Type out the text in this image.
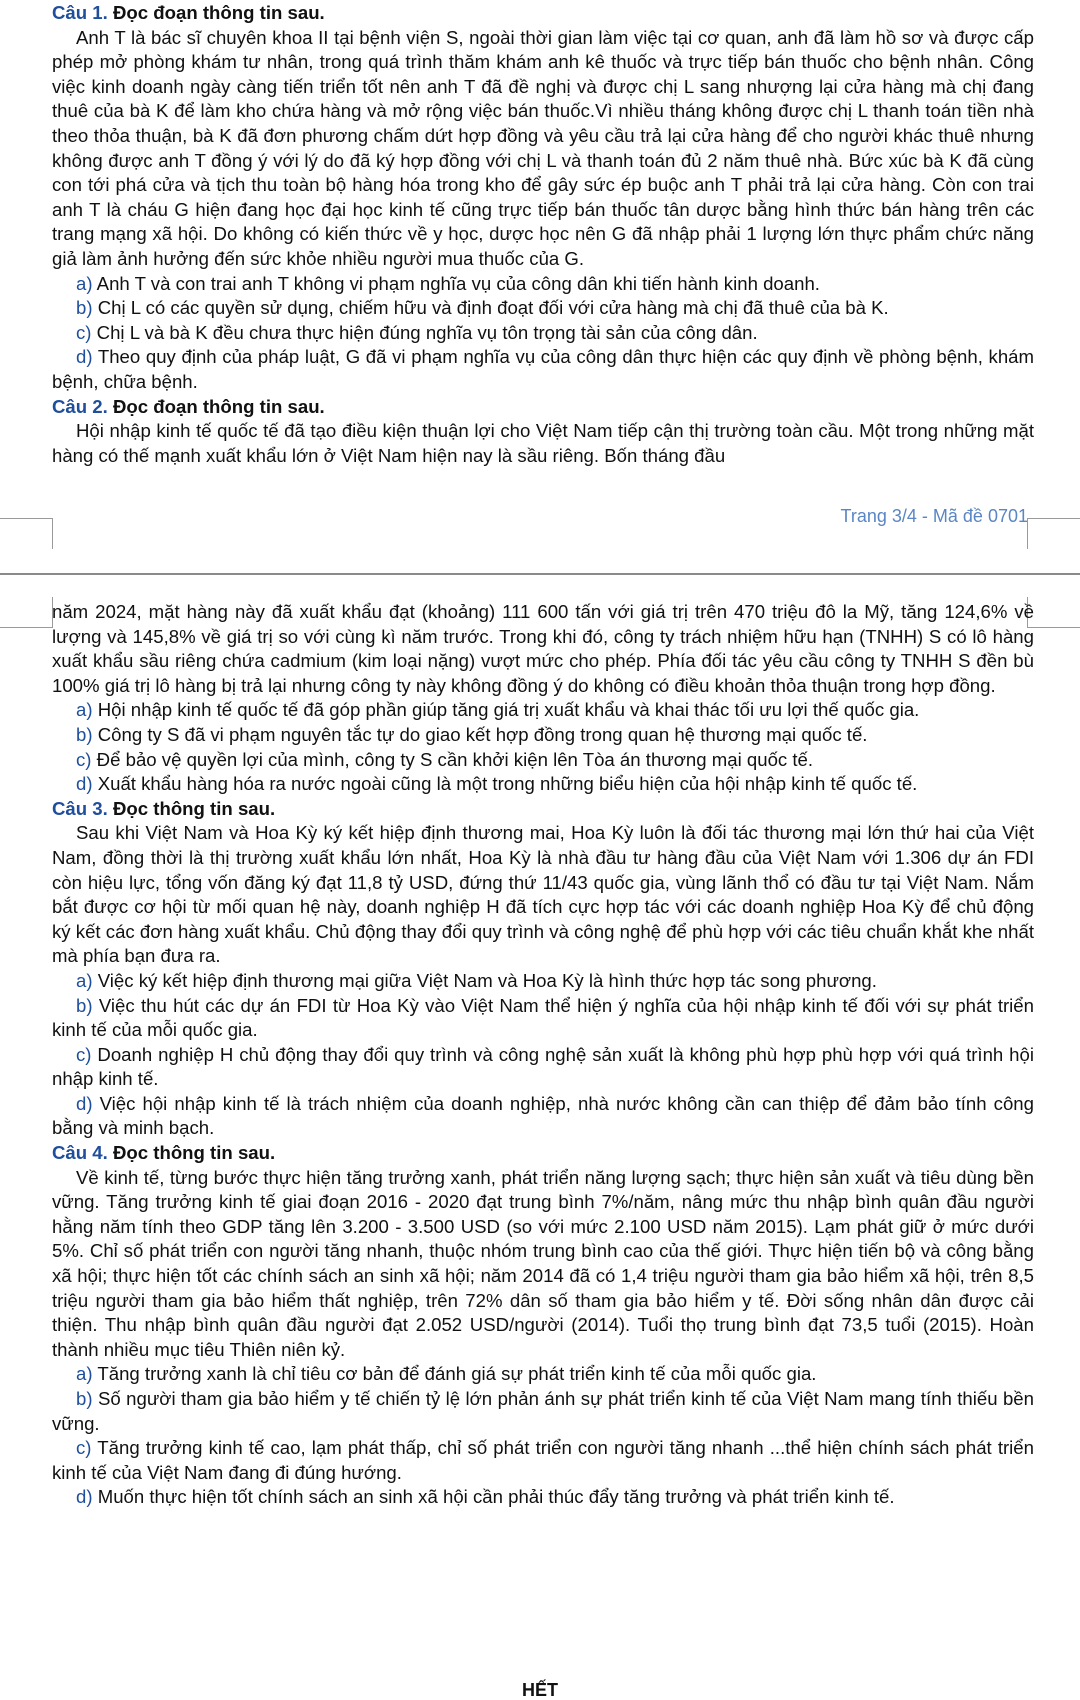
Câu 1. Đọc đoạn thông tin sau.

Anh T là bác sĩ chuyên khoa II tại bệnh viện S, ngoài thời gian làm việc tại cơ quan, anh đã làm hồ sơ và được cấp phép mở phòng khám tư nhân, trong quá trình thăm khám anh kê thuốc và trực tiếp bán thuốc cho bệnh nhân. Công việc kinh doanh ngày càng tiến triển tốt nên anh T đã đề nghị và được chị L sang nhượng lại cửa hàng mà chị đang thuê của bà K để làm kho chứa hàng và mở rộng việc bán thuốc.Vì nhiều tháng không được chị L thanh toán tiền nhà theo thỏa thuận, bà K đã đơn phương chấm dứt hợp đồng và yêu cầu trả lại cửa hàng để cho người khác thuê nhưng không được anh T đồng ý với lý do đã ký hợp đồng với chị L và thanh toán đủ 2 năm thuê nhà. Bức xúc bà K đã cùng con tới phá cửa và tịch thu toàn bộ hàng hóa trong kho để gây sức ép buộc anh T phải trả lại cửa hàng. Còn con trai anh T là cháu G hiện đang học đại học kinh tế cũng trực tiếp bán thuốc tân dược bằng hình thức bán hàng trên các trang mạng xã hội. Do không có kiến thức về y học, dược học nên G đã nhập phải 1 lượng lớn thực phẩm chức năng giả làm ảnh hưởng đến sức khỏe nhiều người mua thuốc của G.

a) Anh T và con trai anh T không vi phạm nghĩa vụ của công dân khi tiến hành kinh doanh.

b) Chị L có các quyền sử dụng, chiếm hữu và định đoạt đối với cửa hàng mà chị đã thuê của bà K.

c) Chị L và bà K đều chưa thực hiện đúng nghĩa vụ tôn trọng tài sản của công dân.

d) Theo quy định của pháp luật, G đã vi phạm nghĩa vụ của công dân thực hiện các quy định về phòng bệnh, khám bệnh, chữa bệnh.

Câu 2. Đọc đoạn thông tin sau.

Hội nhập kinh tế quốc tế đã tạo điều kiện thuận lợi cho Việt Nam tiếp cận thị trường toàn cầu. Một trong những mặt hàng có thế mạnh xuất khẩu lớn ở Việt Nam hiện nay là sầu riêng. Bốn tháng đầu

Trang 3/4 - Mã đề 0701

năm 2024, mặt hàng này đã xuất khẩu đạt (khoảng) 111 600 tấn với giá trị trên 470 triệu đô la Mỹ, tăng 124,6% về lượng và 145,8% về giá trị so với cùng kì năm trước. Trong khi đó, công ty trách nhiệm hữu hạn (TNHH) S có lô hàng xuất khẩu sầu riêng chứa cadmium (kim loại nặng) vượt mức cho phép. Phía đối tác yêu cầu công ty TNHH S đền bù 100% giá trị lô hàng bị trả lại nhưng công ty này không đồng ý do không có điều khoản thỏa thuận trong hợp đồng.

a) Hội nhập kinh tế quốc tế đã góp phần giúp tăng giá trị xuất khẩu và khai thác tối ưu lợi thế quốc gia.

b) Công ty S đã vi phạm nguyên tắc tự do giao kết hợp đồng trong quan hệ thương mại quốc tế.

c) Để bảo vệ quyền lợi của mình, công ty S cần khởi kiện lên Tòa án thương mại quốc tế.

d) Xuất khẩu hàng hóa ra nước ngoài cũng là một trong những biểu hiện của hội nhập kinh tế quốc tế.

Câu 3. Đọc thông tin sau.

Sau khi Việt Nam và Hoa Kỳ ký kết hiệp định thương mai, Hoa Kỳ luôn là đối tác thương mại lớn thứ hai của Việt Nam, đồng thời là thị trường xuất khẩu lớn nhất, Hoa Kỳ là nhà đầu tư hàng đầu của Việt Nam với 1.306 dự án FDI còn hiệu lực, tổng vốn đăng ký đạt 11,8 tỷ USD, đứng thứ 11/43 quốc gia, vùng lãnh thổ có đầu tư tại Việt Nam. Nắm bắt được cơ hội từ mối quan hệ này, doanh nghiệp H đã tích cực hợp tác với các doanh nghiệp Hoa Kỳ để chủ động ký kết các đơn hàng xuất khẩu. Chủ động thay đổi quy trình và công nghệ để phù hợp với các tiêu chuẩn khắt khe nhất mà phía bạn đưa ra.

a) Việc ký kết hiệp định thương mại giữa Việt Nam và Hoa Kỳ là hình thức hợp tác song phương.

b) Việc thu hút các dự án FDI từ Hoa Kỳ vào Việt Nam thể hiện ý nghĩa của hội nhập kinh tế đối với sự phát triển kinh tế của mỗi quốc gia.

c) Doanh nghiệp H chủ động thay đổi quy trình và công nghệ sản xuất là không phù hợp phù hợp với quá trình hội nhập kinh tế.

d) Việc hội nhập kinh tế là trách nhiệm của doanh nghiệp, nhà nước không cần can thiệp để đảm bảo tính công bằng và minh bạch.

Câu 4. Đọc thông tin sau.

Về kinh tế, từng bước thực hiện tăng trưởng xanh, phát triển năng lượng sạch; thực hiện sản xuất và tiêu dùng bền vững. Tăng trưởng kinh tế giai đoạn 2016 - 2020 đạt trung bình 7%/năm, nâng mức thu nhập bình quân đầu người hằng năm tính theo GDP tăng lên 3.200 - 3.500 USD (so với mức 2.100 USD năm 2015). Lạm phát giữ ở mức dưới 5%. Chỉ số phát triển con người tăng nhanh, thuộc nhóm trung bình cao của thế giới. Thực hiện tiến bộ và công bằng xã hội; thực hiện tốt các chính sách an sinh xã hội; năm 2014 đã có 1,4 triệu người tham gia bảo hiểm xã hội, trên 8,5 triệu người tham gia bảo hiểm thất nghiệp, trên 72% dân số tham gia bảo hiểm y tế. Đời sống nhân dân được cải thiện. Thu nhập bình quân đầu người đạt 2.052 USD/người (2014). Tuổi thọ trung bình đạt 73,5 tuổi (2015). Hoàn thành nhiều mục tiêu Thiên niên kỷ.

a) Tăng trưởng xanh là chỉ tiêu cơ bản để đánh giá sự phát triển kinh tế của mỗi quốc gia.

b) Số người tham gia bảo hiểm y tế chiến tỷ lệ lớn phản ánh sự phát triển kinh tế của Việt Nam mang tính thiếu bền vững.

c) Tăng trưởng kinh tế cao, lạm phát thấp, chỉ số phát triển con người tăng nhanh ...thể hiện chính sách phát triển kinh tế của Việt Nam đang đi đúng hướng.

d) Muốn thực hiện tốt chính sách an sinh xã hội cần phải thúc đẩy tăng trưởng và phát triển kinh tế.

HẾT
